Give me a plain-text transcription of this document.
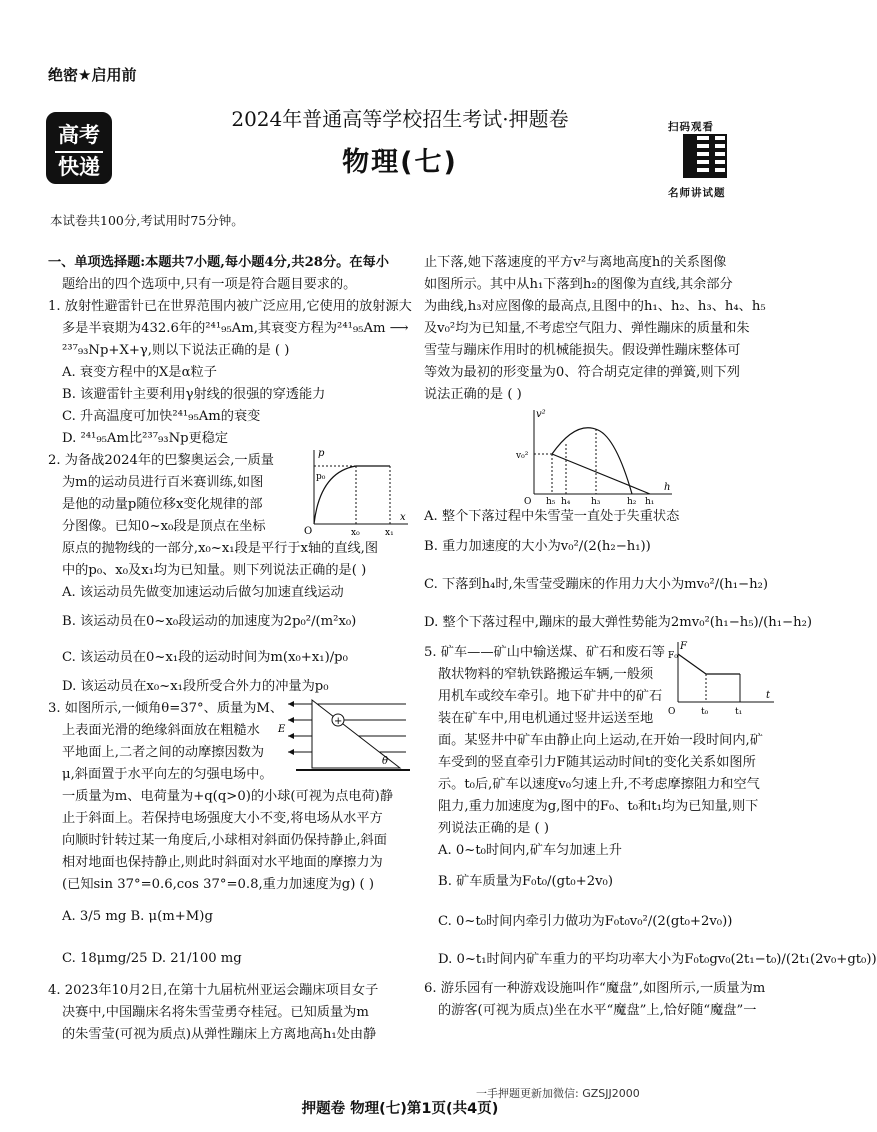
绝密★启用前
高考
快递
2024年普通高等学校招生考试·押题卷
物理(七)
扫码观看
名师讲试题
本试卷共100分,考试用时75分钟。

一、单项选择题:本题共7小题,每小题4分,共28分。在每小

题给出的四个选项中,只有一项是符合题目要求的。

1. 放射性避雷针已在世界范围内被广泛应用,它使用的放射源大

多是半衰期为432.6年的²⁴¹₉₅Am,其衰变方程为²⁴¹₉₅Am ⟶

²³⁷₉₃Np+X+γ,则以下说法正确的是 ( )

A. 衰变方程中的X是α粒子

B. 该避雷针主要利用γ射线的很强的穿透能力

C. 升高温度可加快²⁴¹₉₅Am的衰变

D. ²⁴¹₉₅Am比²³⁷₉₃Np更稳定

2. 为备战2024年的巴黎奥运会,一质量

为m的运动员进行百米赛训练,如图

是他的动量p随位移x变化规律的部

分图像。已知0~x₀段是顶点在坐标	O
p
x
p₀
x₀	x₁

原点的抛物线的一部分,x₀~x₁段是平行于x轴的直线,图

中的p₀、x₀及x₁均为已知量。则下列说法正确的是( )

A. 该运动员先做变加速运动后做匀加速直线运动

B. 该运动员在0~x₀段运动的加速度为2p₀²/(m²x₀)

C. 该运动员在0~x₁段的运动时间为m(x₀+x₁)/p₀

D. 该运动员在x₀~x₁段所受合外力的冲量为p₀

3. 如图所示,一倾角θ=37°、质量为M、

上表面光滑的绝缘斜面放在粗糙水

平地面上,二者之间的动摩擦因数为

μ,斜面置于水平向左的匀强电场中。

+
E
θ

一质量为m、电荷量为+q(q>0)的小球(可视为点电荷)静

止于斜面上。若保持电场强度大小不变,将电场从水平方

向顺时针转过某一角度后,小球相对斜面仍保持静止,斜面

相对地面也保持静止,则此时斜面对水平地面的摩擦力为

(已知sin 37°=0.6,cos 37°=0.8,重力加速度为g) ( )

A. 3/5 mg B. μ(m+M)g

C. 18μmg/25 D. 21/100 mg

4. 2023年10月2日,在第十九届杭州亚运会蹦床项目女子

决赛中,中国蹦床名将朱雪莹勇夺桂冠。已知质量为m

的朱雪莹(可视为质点)从弹性蹦床上方离地高h₁处由静

止下落,她下落速度的平方v²与离地高度h的关系图像

如图所示。其中从h₁下落到h₂的图像为直线,其余部分

为曲线,h₃对应图像的最高点,且图中的h₁、h₂、h₃、h₄、h₅

及v₀²均为已知量,不考虑空气阻力、弹性蹦床的质量和朱

雪莹与蹦床作用时的机械能损失。假设弹性蹦床整体可

等效为最初的形变量为0、符合胡克定律的弹簧,则下列

说法正确的是 ( )

v²
h
v₀²
O h₅ h₄ h₃	h₂ h₁

A. 整个下落过程中朱雪莹一直处于失重状态

B. 重力加速度的大小为v₀²/(2(h₂−h₁))

C. 下落到h₄时,朱雪莹受蹦床的作用力大小为mv₀²/(h₁−h₂)

D. 整个下落过程中,蹦床的最大弹性势能为2mv₀²(h₁−h₅)/(h₁−h₂)

5. 矿车——矿山中输送煤、矿石和废石等

散状物料的窄轨铁路搬运车辆,一般须

用机车或绞车牵引。地下矿井中的矿石

装在矿车中,用电机通过竖井运送至地

F
F₀
t
O	t₀	t₁

面。某竖井中矿车由静止向上运动,在开始一段时间内,矿

车受到的竖直牵引力F随其运动时间t的变化关系如图所

示。t₀后,矿车以速度v₀匀速上升,不考虑摩擦阻力和空气

阻力,重力加速度为g,图中的F₀、t₀和t₁均为已知量,则下

列说法正确的是 ( )

A. 0~t₀时间内,矿车匀加速上升

B. 矿车质量为F₀t₀/(gt₀+2v₀)

C. 0~t₀时间内牵引力做功为F₀t₀v₀²/(2(gt₀+2v₀))

D. 0~t₁时间内矿车重力的平均功率大小为F₀t₀gv₀(2t₁−t₀)/(2t₁(2v₀+gt₀))

6. 游乐园有一种游戏设施叫作“魔盘”,如图所示,一质量为m

的游客(可视为质点)坐在水平“魔盘”上,恰好随“魔盘”一

一手押题更新加微信: GZSJJ2000
押题卷 物理(七)第1页(共4页)
